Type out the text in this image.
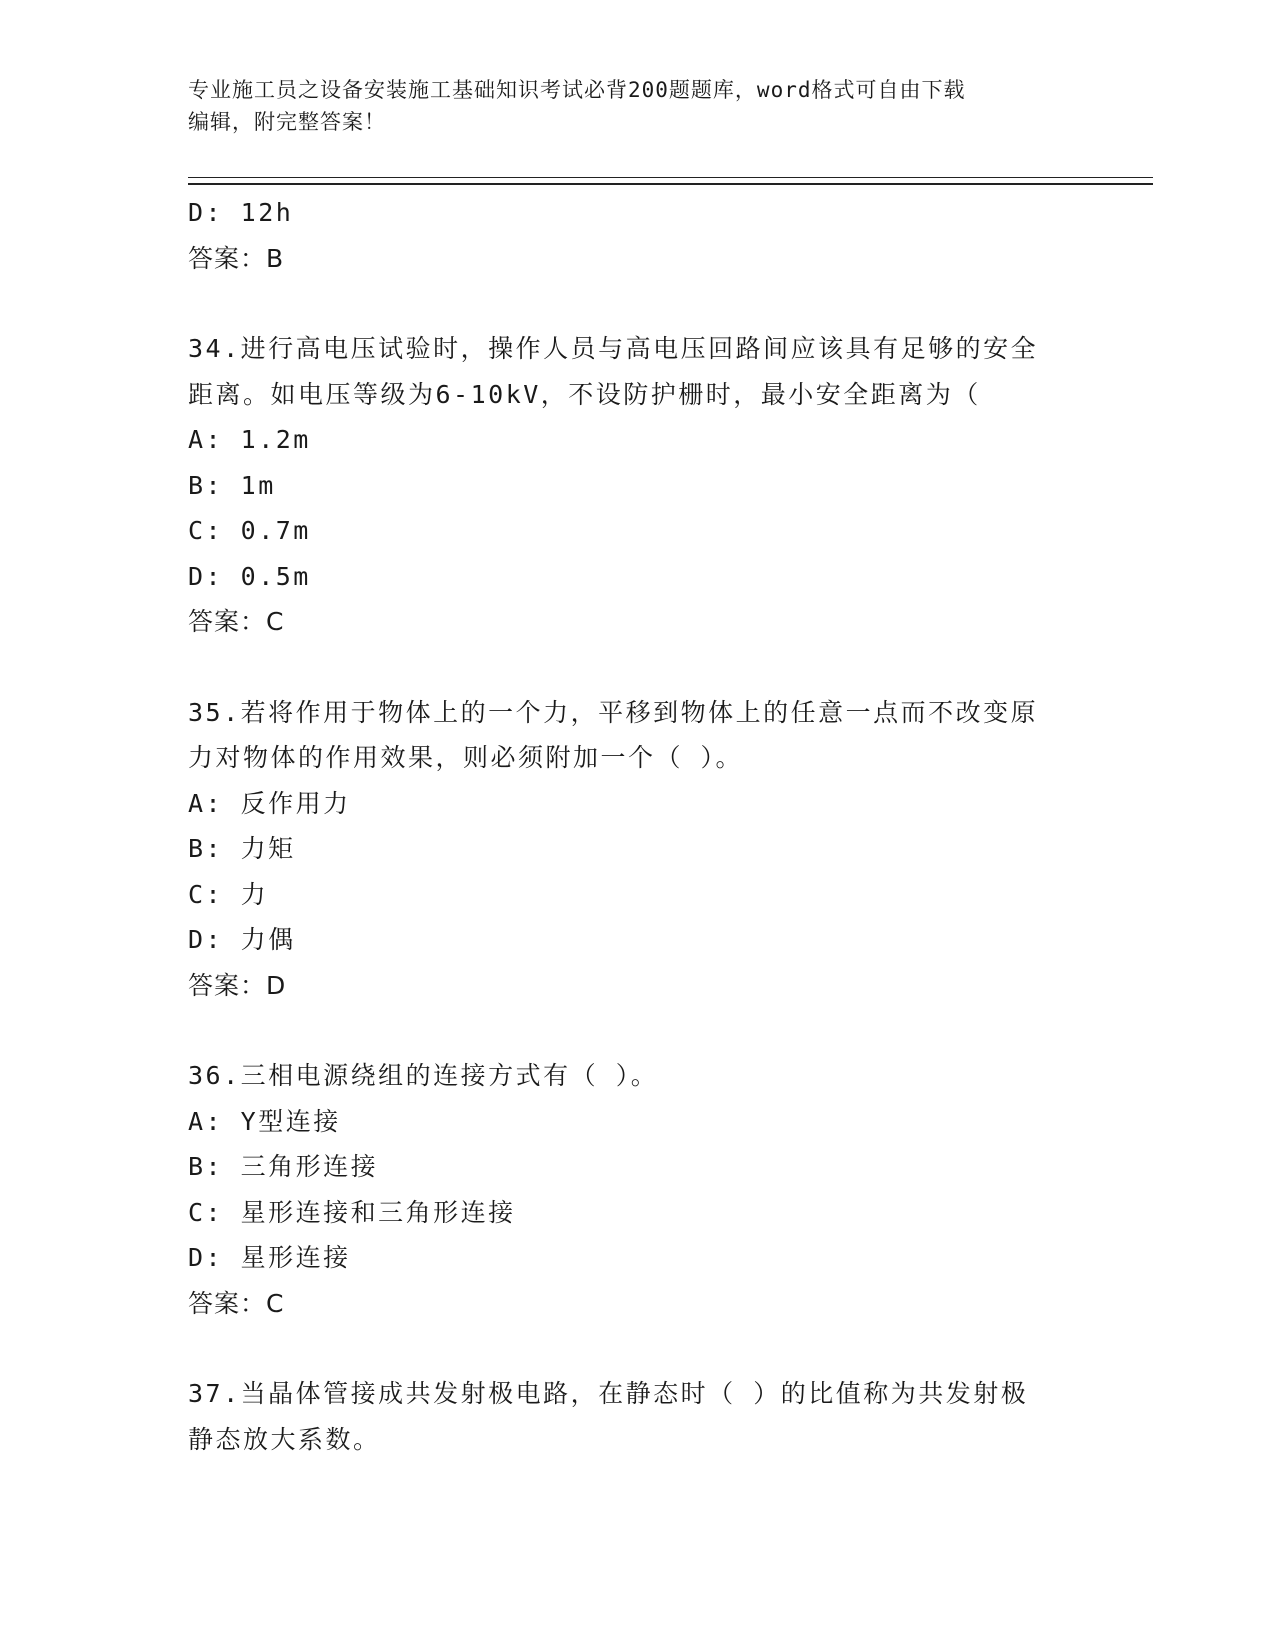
专业施工员之设备安装施工基础知识考试必背200题题库，word格式可自由下载
编辑，附完整答案！
D: 12h
答案：B
34.进行高电压试验时，操作人员与高电压回路间应该具有足够的安全
距离。如电压等级为6-10kV，不设防护栅时，最小安全距离为（
A: 1.2m
B: 1m
C: 0.7m
D: 0.5m
答案：C
35.若将作用于物体上的一个力，平移到物体上的任意一点而不改变原
力对物体的作用效果，则必须附加一个（ ）。
A: 反作用力
B: 力矩
C: 力
D: 力偶
答案：D
36.三相电源绕组的连接方式有（ ）。
A: Y型连接
B: 三角形连接
C: 星形连接和三角形连接
D: 星形连接
答案：C
37.当晶体管接成共发射极电路，在静态时（ ）的比值称为共发射极
静态放大系数。
